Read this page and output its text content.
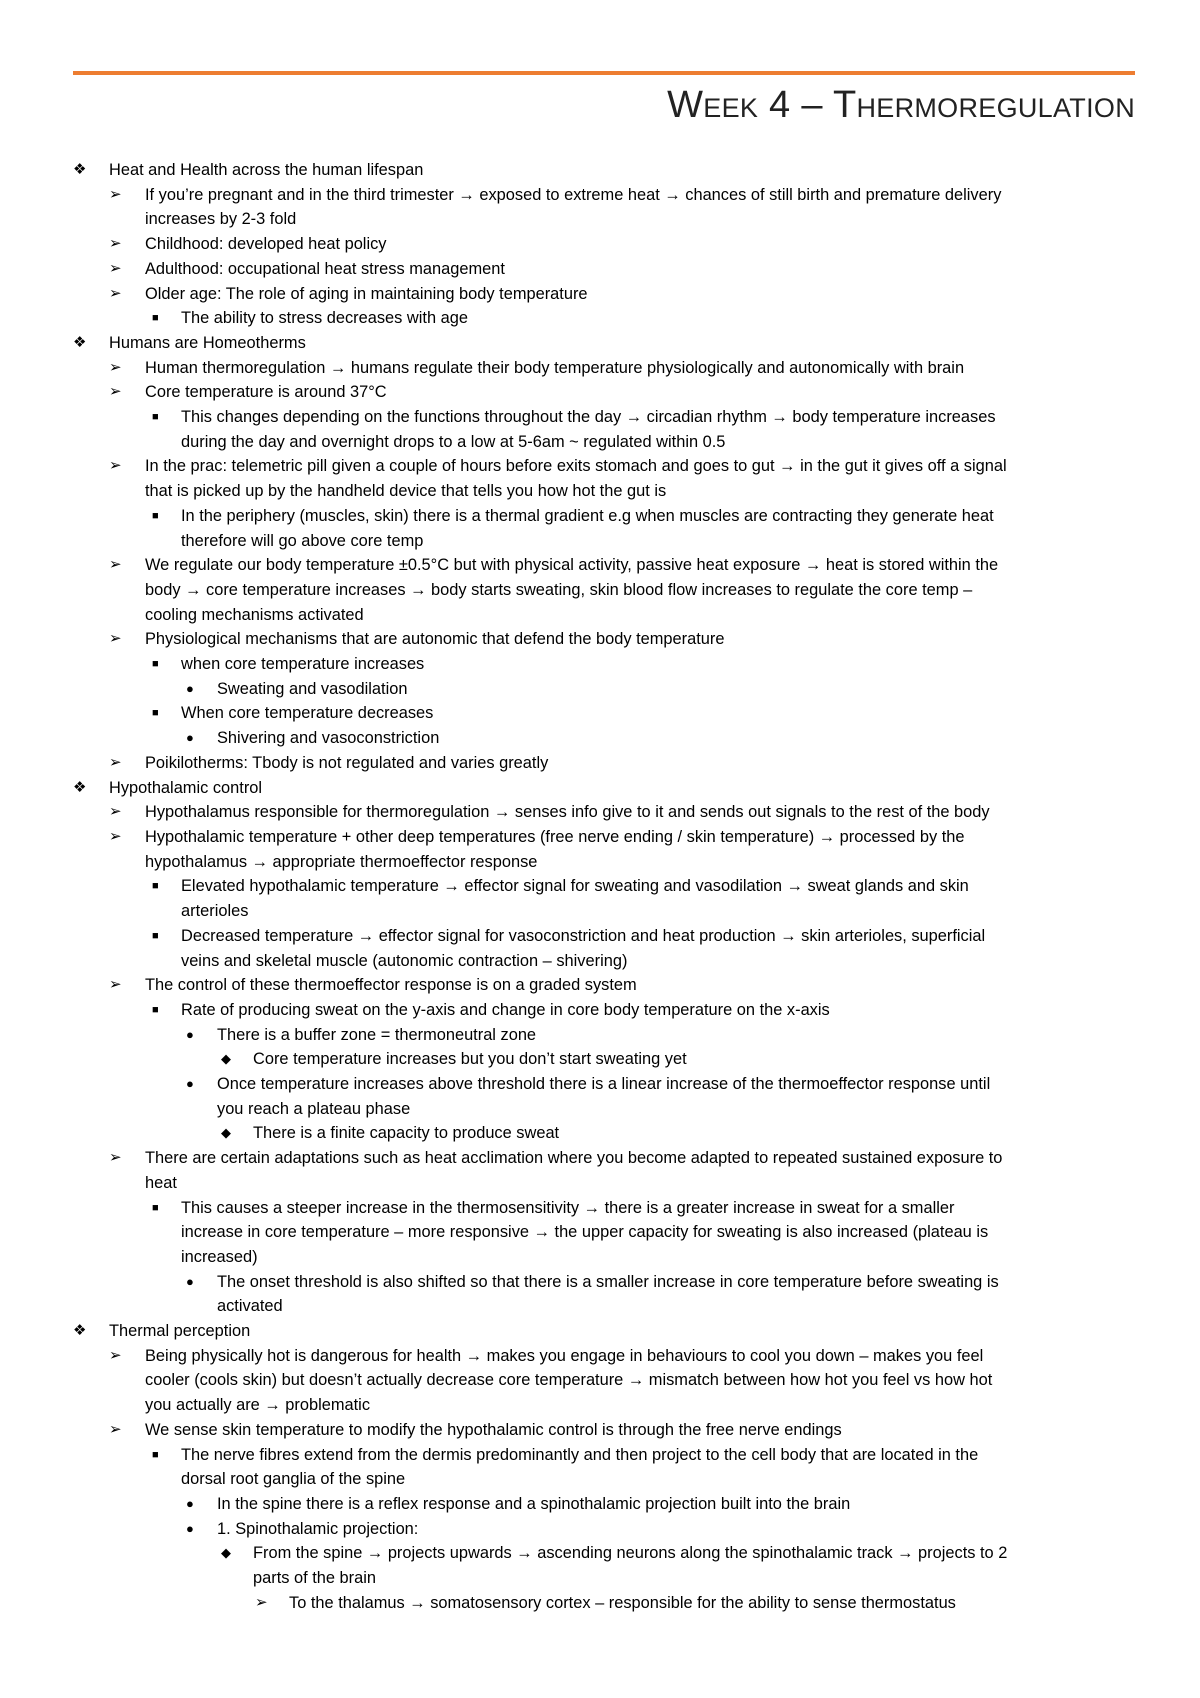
Week 4 – Thermoregulation
❖ Heat and Health across the human lifespan
➢ If you’re pregnant and in the third trimester → exposed to extreme heat → chances of still birth and premature delivery
increases by 2-3 fold
➢ Childhood: developed heat policy
➢ Adulthood: occupational heat stress management
➢ Older age: The role of aging in maintaining body temperature
■ The ability to stress decreases with age
❖ Humans are Homeotherms
➢ Human thermoregulation → humans regulate their body temperature physiologically and autonomically with brain
➢ Core temperature is around 37°C
■ This changes depending on the functions throughout the day → circadian rhythm → body temperature increases
during the day and overnight drops to a low at 5-6am ~ regulated within 0.5
➢ In the prac: telemetric pill given a couple of hours before exits stomach and goes to gut → in the gut it gives off a signal
that is picked up by the handheld device that tells you how hot the gut is
■ In the periphery (muscles, skin) there is a thermal gradient e.g when muscles are contracting they generate heat
therefore will go above core temp
➢ We regulate our body temperature ±0.5°C but with physical activity, passive heat exposure → heat is stored within the
body → core temperature increases → body starts sweating, skin blood flow increases to regulate the core temp –
cooling mechanisms activated
➢ Physiological mechanisms that are autonomic that defend the body temperature
■ when core temperature increases
● Sweating and vasodilation
■ When core temperature decreases
● Shivering and vasoconstriction
➢ Poikilotherms: Tbody is not regulated and varies greatly
❖ Hypothalamic control
➢ Hypothalamus responsible for thermoregulation → senses info give to it and sends out signals to the rest of the body
➢ Hypothalamic temperature + other deep temperatures (free nerve ending / skin temperature) → processed by the
hypothalamus → appropriate thermoeffector response
■ Elevated hypothalamic temperature → effector signal for sweating and vasodilation → sweat glands and skin
arterioles
■ Decreased temperature → effector signal for vasoconstriction and heat production → skin arterioles, superficial
veins and skeletal muscle (autonomic contraction – shivering)
➢ The control of these thermoeffector response is on a graded system
■ Rate of producing sweat on the y-axis and change in core body temperature on the x-axis
● There is a buffer zone = thermoneutral zone
◆ Core temperature increases but you don’t start sweating yet
● Once temperature increases above threshold there is a linear increase of the thermoeffector response until
you reach a plateau phase
◆ There is a finite capacity to produce sweat
➢ There are certain adaptations such as heat acclimation where you become adapted to repeated sustained exposure to
heat
■ This causes a steeper increase in the thermosensitivity → there is a greater increase in sweat for a smaller
increase in core temperature – more responsive → the upper capacity for sweating is also increased (plateau is
increased)
● The onset threshold is also shifted so that there is a smaller increase in core temperature before sweating is
activated
❖ Thermal perception
➢ Being physically hot is dangerous for health → makes you engage in behaviours to cool you down – makes you feel
cooler (cools skin) but doesn’t actually decrease core temperature → mismatch between how hot you feel vs how hot
you actually are → problematic
➢ We sense skin temperature to modify the hypothalamic control is through the free nerve endings
■ The nerve fibres extend from the dermis predominantly and then project to the cell body that are located in the
dorsal root ganglia of the spine
● In the spine there is a reflex response and a spinothalamic projection built into the brain
● 1. Spinothalamic projection:
◆ From the spine → projects upwards → ascending neurons along the spinothalamic track → projects to 2
parts of the brain
➢ To the thalamus → somatosensory cortex – responsible for the ability to sense thermostatus
